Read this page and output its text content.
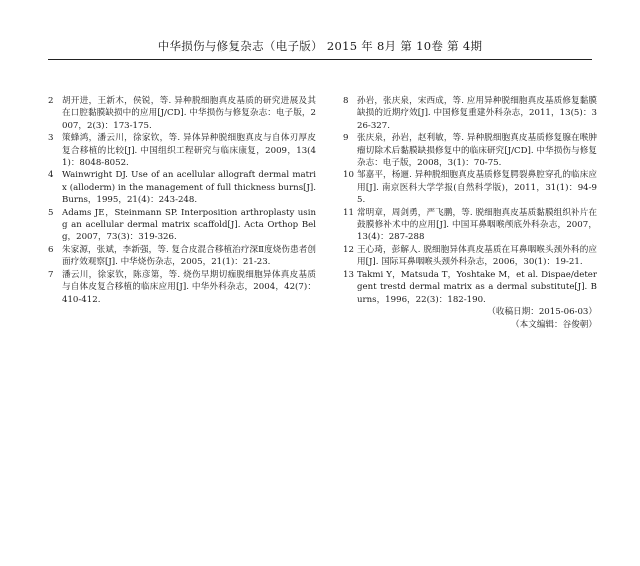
中华损伤与修复杂志（电子版） 2015 年 8月 第 10卷 第 4期
2 胡开进，王新木，侯锐，等. 异种脱细胞真皮基质的研究进展及其在口腔黏膜缺损中的应用[J/CD]. 中华损伤与修复杂志：电子版，2007，2(3)：173-175.
3 策蜂鸿，潘云川，徐家钦，等. 异体异种脱细胞真皮与自体刃厚皮复合移植的比较[J]. 中国组织工程研究与临床康复，2009，13(41)：8048-8052.
4 Wainwright DJ. Use of an acellular allograft dermal matrix (alloderm) in the management of full thickness burns[J]. Burns，1995，21(4)：243-248.
5 Adams JE，Steinmann SP. Interposition arthroplasty using an acellular dermal matrix scaffold[J]. Acta Orthop Belg，2007，73(3)：319-326.
6 朱家源，张斌，李新强，等. 复合皮混合移植治疗深Ⅱ度烧伤患者创面疗效观察[J]. 中华烧伤杂志，2005，21(1)：21-23.
7 潘云川，徐家钦，陈彦第，等. 烧伤早期切痂脱细胞异体真皮基质与自体皮复合移植的临床应用[J]. 中华外科杂志，2004，42(7)：410-412.
8 孙岩，张庆泉，宋西成，等. 应用异种脱细胞真皮基质修复黏膜缺损的近期疗效[J]. 中国修复重建外科杂志，2011，13(5)：326-327.
9 张庆泉，孙岩，赵利敏，等. 异种脱细胞真皮基质修复腺在喉肿瘤切除术后黏膜缺损修复中的临床研究[J/CD]. 中华损伤与修复杂志：电子版，2008，3(1)：70-75.
10 邹嘉平，杨逦. 异种脱细胞真皮基质修复腭裂鼻腔穿孔的临床应用[J]. 南京医科大学学报(自然科学版)，2011，31(1)：94-95.
11 常明章，周剑勇，严飞鹏，等. 脱细胞真皮基质黏膜组织补片在鼓膜修补术中的应用[J]. 中国耳鼻咽喉颅底外科杂志，2007，13(4)：287-288
12 王心琦，彭解人. 脱细胞异体真皮基质在耳鼻咽喉头颈外科的应用[J]. 国际耳鼻咽喉头颈外科杂志，2006，30(1)：19-21.
13 Takmi Y，Matsuda T，Yoshtake M，et al. Dispae/detergent trestd dermal matrix as a dermal substitute[J]. Burns，1996，22(3)：182-190.
（收稿日期：2015-06-03）
（本文编辑：谷俊朝）
